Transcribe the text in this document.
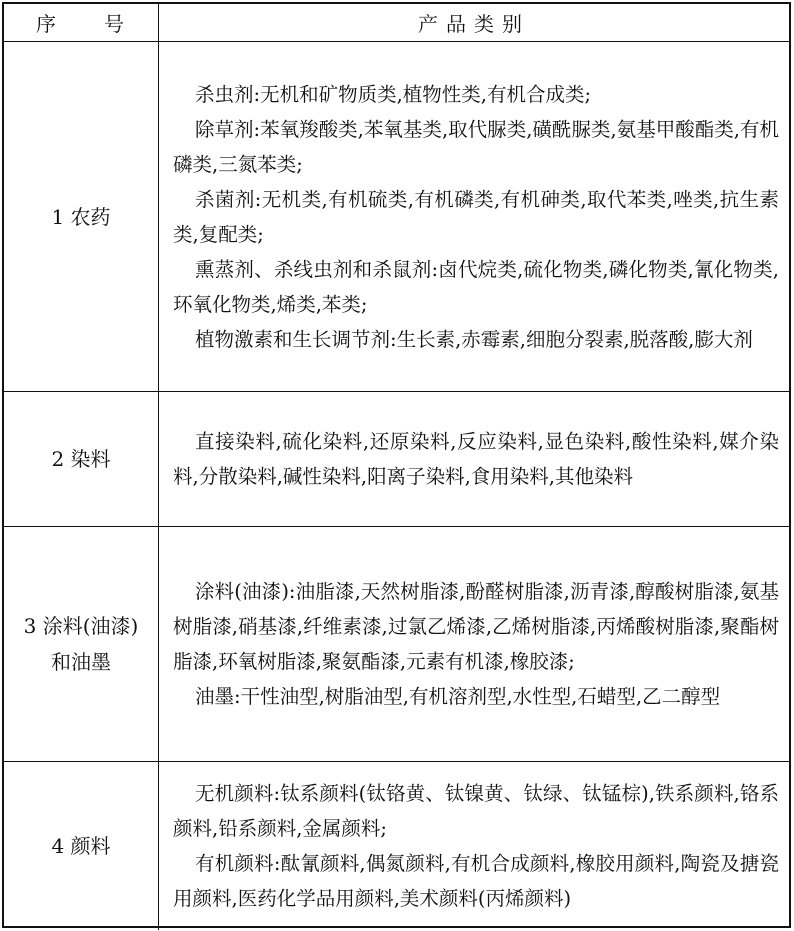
序 号	产品类别
1 农药

杀虫剂:无机和矿物质类,植物性类,有机合成类;

除草剂:苯氧羧酸类,苯氧基类,取代脲类,磺酰脲类,氨基甲酸酯类,有机磷类,三氮苯类;

杀菌剂:无机类,有机硫类,有机磷类,有机砷类,取代苯类,唑类,抗生素类,复配类;

熏蒸剂、杀线虫剂和杀鼠剂:卤代烷类,硫化物类,磷化物类,氰化物类,环氧化物类,烯类,苯类;

植物激素和生长调节剂:生长素,赤霉素,细胞分裂素,脱落酸,膨大剂

2 染料

直接染料,硫化染料,还原染料,反应染料,显色染料,酸性染料,媒介染料,分散染料,碱性染料,阳离子染料,食用染料,其他染料

3 涂料(油漆)
和油墨

涂料(油漆):油脂漆,天然树脂漆,酚醛树脂漆,沥青漆,醇酸树脂漆,氨基树脂漆,硝基漆,纤维素漆,过氯乙烯漆,乙烯树脂漆,丙烯酸树脂漆,聚酯树脂漆,环氧树脂漆,聚氨酯漆,元素有机漆,橡胶漆;

油墨:干性油型,树脂油型,有机溶剂型,水性型,石蜡型,乙二醇型

4 颜料

无机颜料:钛系颜料(钛铬黄、钛镍黄、钛绿、钛锰棕),铁系颜料,铬系颜料,铅系颜料,金属颜料;

有机颜料:酞氰颜料,偶氮颜料,有机合成颜料,橡胶用颜料,陶瓷及搪瓷用颜料,医药化学品用颜料,美术颜料(丙烯颜料)
